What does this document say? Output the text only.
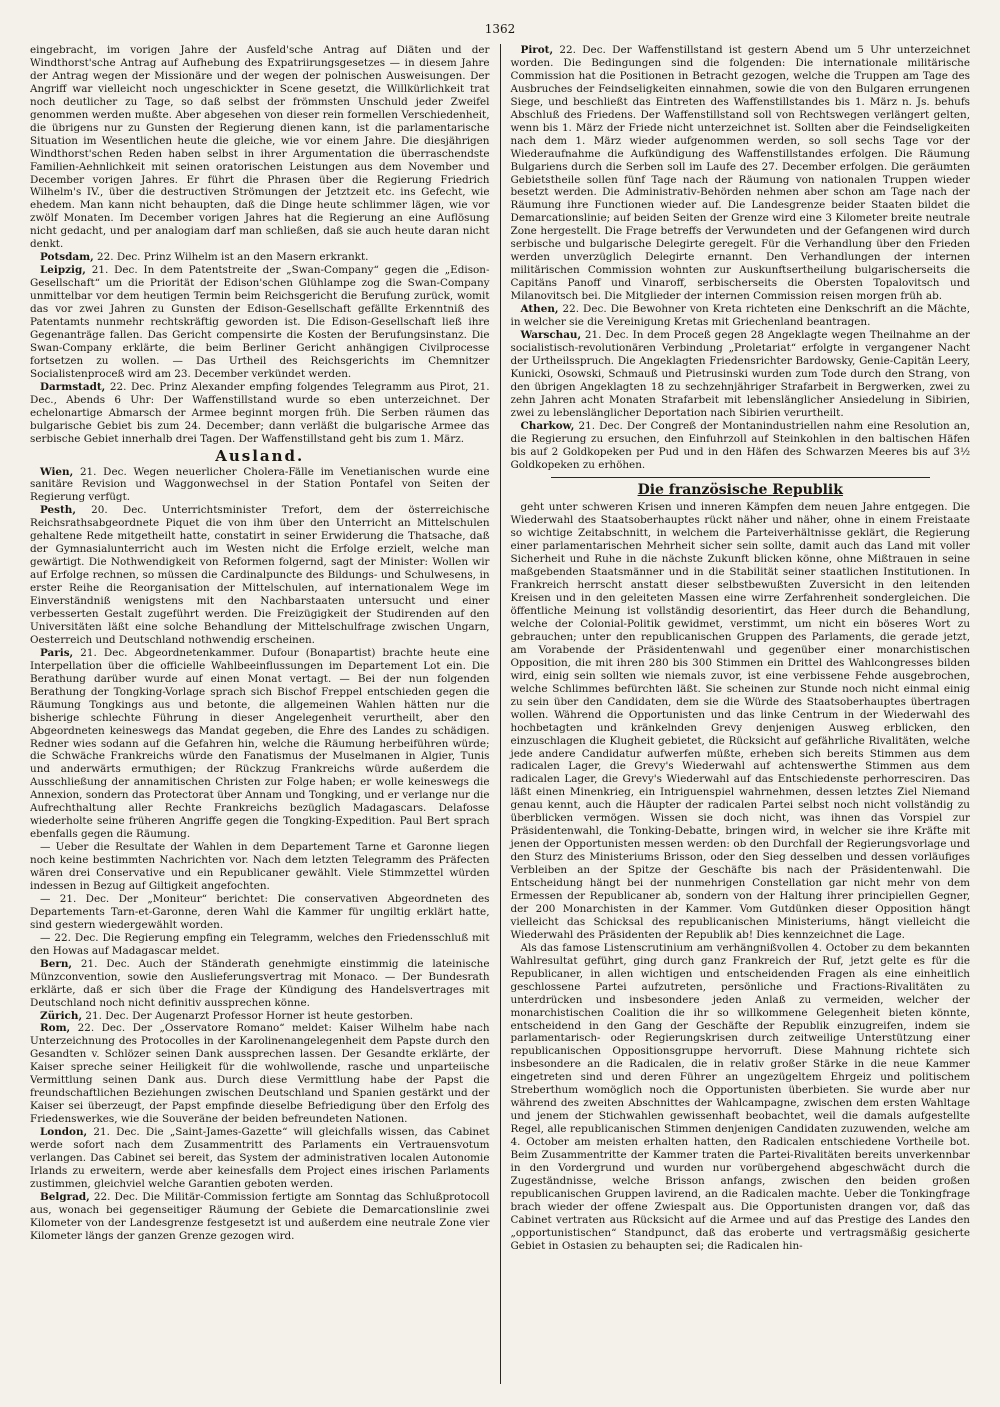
1362

eingebracht, im vorigen Jahre der Ausfeld'sche Antrag auf Diäten und der Windthorst'sche Antrag auf Aufhebung des Expatriirungsgesetzes — in diesem Jahre der Antrag wegen der Missionäre und der wegen der polnischen Ausweisungen. Der Angriff war vielleicht noch ungeschickter in Scene gesetzt, die Willkürlichkeit trat noch deutlicher zu Tage, so daß selbst der frömmsten Unschuld jeder Zweifel genommen werden mußte. Aber abgesehen von dieser rein formellen Verschiedenheit, die übrigens nur zu Gunsten der Regierung dienen kann, ist die parlamentarische Situation im Wesentlichen heute die gleiche, wie vor einem Jahre. Die diesjährigen Windthorst'schen Reden haben selbst in ihrer Argumentation die überraschendste Familien-Aehnlichkeit mit seinen oratorischen Leistungen aus dem November und December vorigen Jahres. Er führt die Phrasen über die Regierung Friedrich Wilhelm's IV., über die destructiven Strömungen der Jetztzeit etc. ins Gefecht, wie ehedem. Man kann nicht behaupten, daß die Dinge heute schlimmer lägen, wie vor zwölf Monaten. Im December vorigen Jahres hat die Regierung an eine Auflösung nicht gedacht, und per analogiam darf man schließen, daß sie auch heute daran nicht denkt.

Potsdam, 22. Dec. Prinz Wilhelm ist an den Masern erkrankt.

Leipzig, 21. Dec. In dem Patentstreite der „Swan-Company“ gegen die „Edison-Gesellschaft“ um die Priorität der Edison'schen Glühlampe zog die Swan-Company unmittelbar vor dem heutigen Termin beim Reichsgericht die Berufung zurück, womit das vor zwei Jahren zu Gunsten der Edison-Gesellschaft gefällte Erkenntniß des Patentamts nunmehr rechtskräftig geworden ist. Die Edison-Gesellschaft ließ ihre Gegenanträge fallen. Das Gericht compensirte die Kosten der Berufungsinstanz. Die Swan-Company erklärte, die beim Berliner Gericht anhängigen Civilprocesse fortsetzen zu wollen. — Das Urtheil des Reichsgerichts im Chemnitzer Socialistenproceß wird am 23. December verkündet werden.

Darmstadt, 22. Dec. Prinz Alexander empfing folgendes Telegramm aus Pirot, 21. Dec., Abends 6 Uhr: Der Waffenstillstand wurde so eben unterzeichnet. Der echelonartige Abmarsch der Armee beginnt morgen früh. Die Serben räumen das bulgarische Gebiet bis zum 24. December; dann verläßt die bulgarische Armee das serbische Gebiet innerhalb drei Tagen. Der Waffenstillstand geht bis zum 1. März.

Ausland.

Wien, 21. Dec. Wegen neuerlicher Cholera-Fälle im Venetianischen wurde eine sanitäre Revision und Waggonwechsel in der Station Pontafel von Seiten der Regierung verfügt.

Pesth, 20. Dec. Unterrichtsminister Trefort, dem der österreichische Reichsrathsabgeordnete Piquet die von ihm über den Unterricht an Mittelschulen gehaltene Rede mitgetheilt hatte, constatirt in seiner Erwiderung die Thatsache, daß der Gymnasialunterricht auch im Westen nicht die Erfolge erzielt, welche man gewärtigt. Die Nothwendigkeit von Reformen folgernd, sagt der Minister: Wollen wir auf Erfolge rechnen, so müssen die Cardinalpuncte des Bildungs- und Schulwesens, in erster Reihe die Reorganisation der Mittelschulen, auf internationalem Wege im Einverständniß wenigstens mit den Nachbarstaaten untersucht und einer verbesserten Gestalt zugeführt werden. Die Freizügigkeit der Studirenden auf den Universitäten läßt eine solche Behandlung der Mittelschulfrage zwischen Ungarn, Oesterreich und Deutschland nothwendig erscheinen.

Paris, 21. Dec. Abgeordnetenkammer. Dufour (Bonapartist) brachte heute eine Interpellation über die officielle Wahlbeeinflussungen im Departement Lot ein. Die Berathung darüber wurde auf einen Monat vertagt. — Bei der nun folgenden Berathung der Tongking-Vorlage sprach sich Bischof Freppel entschieden gegen die Räumung Tongkings aus und betonte, die allgemeinen Wahlen hätten nur die bisherige schlechte Führung in dieser Angelegenheit verurtheilt, aber den Abgeordneten keineswegs das Mandat gegeben, die Ehre des Landes zu schädigen. Redner wies sodann auf die Gefahren hin, welche die Räumung herbeiführen würde; die Schwäche Frankreichs würde den Fanatismus der Muselmanen in Algier, Tunis und anderwärts ermuthigen; der Rückzug Frankreichs würde außerdem die Ausschließung der annamitischen Christen zur Folge haben; er wolle keineswegs die Annexion, sondern das Protectorat über Annam und Tongking, und er verlange nur die Aufrechthaltung aller Rechte Frankreichs bezüglich Madagascars. Delafosse wiederholte seine früheren Angriffe gegen die Tongking-Expedition. Paul Bert sprach ebenfalls gegen die Räumung.

— Ueber die Resultate der Wahlen in dem Departement Tarne et Garonne liegen noch keine bestimmten Nachrichten vor. Nach dem letzten Telegramm des Präfecten wären drei Conservative und ein Republicaner gewählt. Viele Stimmzettel würden indessen in Bezug auf Giltigkeit angefochten.

— 21. Dec. Der „Moniteur“ berichtet: Die conservativen Abgeordneten des Departements Tarn-et-Garonne, deren Wahl die Kammer für ungiltig erklärt hatte, sind gestern wiedergewählt worden.

— 22. Dec. Die Regierung empfing ein Telegramm, welches den Friedensschluß mit den Howas auf Madagascar meldet.

Bern, 21. Dec. Auch der Ständerath genehmigte einstimmig die lateinische Münzconvention, sowie den Auslieferungsvertrag mit Monaco. — Der Bundesrath erklärte, daß er sich über die Frage der Kündigung des Handelsvertrages mit Deutschland noch nicht definitiv aussprechen könne.

Zürich, 21. Dec. Der Augenarzt Professor Horner ist heute gestorben.

Rom, 22. Dec. Der „Osservatore Romano“ meldet: Kaiser Wilhelm habe nach Unterzeichnung des Protocolles in der Karolinenangelegenheit dem Papste durch den Gesandten v. Schlözer seinen Dank aussprechen lassen. Der Gesandte erklärte, der Kaiser spreche seiner Heiligkeit für die wohlwollende, rasche und unparteiische Vermittlung seinen Dank aus. Durch diese Vermittlung habe der Papst die freundschaftlichen Beziehungen zwischen Deutschland und Spanien gestärkt und der Kaiser sei überzeugt, der Papst empfinde dieselbe Befriedigung über den Erfolg des Friedenswerkes, wie die Souveräne der beiden befreundeten Nationen.

London, 21. Dec. Die „Saint-James-Gazette“ will gleichfalls wissen, das Cabinet werde sofort nach dem Zusammentritt des Parlaments ein Vertrauensvotum verlangen. Das Cabinet sei bereit, das System der administrativen localen Autonomie Irlands zu erweitern, werde aber keinesfalls dem Project eines irischen Parlaments zustimmen, gleichviel welche Garantien geboten werden.

Belgrad, 22. Dec. Die Militär-Commission fertigte am Sonntag das Schlußprotocoll aus, wonach bei gegenseitiger Räumung der Gebiete die Demarcationslinie zwei Kilometer von der Landesgrenze festgesetzt ist und außerdem eine neutrale Zone vier Kilometer längs der ganzen Grenze gezogen wird.

Pirot, 22. Dec. Der Waffenstillstand ist gestern Abend um 5 Uhr unterzeichnet worden. Die Bedingungen sind die folgenden: Die internationale militärische Commission hat die Positionen in Betracht gezogen, welche die Truppen am Tage des Ausbruches der Feindseligkeiten einnahmen, sowie die von den Bulgaren errungenen Siege, und beschließt das Eintreten des Waffenstillstandes bis 1. März n. Js. behufs Abschluß des Friedens. Der Waffenstillstand soll von Rechtswegen verlängert gelten, wenn bis 1. März der Friede nicht unterzeichnet ist. Sollten aber die Feindseligkeiten nach dem 1. März wieder aufgenommen werden, so soll sechs Tage vor der Wiederaufnahme die Aufkündigung des Waffenstillstandes erfolgen. Die Räumung Bulgariens durch die Serben soll im Laufe des 27. December erfolgen. Die geräumten Gebietstheile sollen fünf Tage nach der Räumung von nationalen Truppen wieder besetzt werden. Die Administrativ-Behörden nehmen aber schon am Tage nach der Räumung ihre Functionen wieder auf. Die Landesgrenze beider Staaten bildet die Demarcationslinie; auf beiden Seiten der Grenze wird eine 3 Kilometer breite neutrale Zone hergestellt. Die Frage betreffs der Verwundeten und der Gefangenen wird durch serbische und bulgarische Delegirte geregelt. Für die Verhandlung über den Frieden werden unverzüglich Delegirte ernannt. Den Verhandlungen der internen militärischen Commission wohnten zur Auskunftsertheilung bulgarischerseits die Capitäns Panoff und Vinaroff, serbischerseits die Obersten Topalovitsch und Milanovitsch bei. Die Mitglieder der internen Commission reisen morgen früh ab.

Athen, 22. Dec. Die Bewohner von Kreta richteten eine Denkschrift an die Mächte, in welcher sie die Vereinigung Kretas mit Griechenland beantragen.

Warschau, 21. Dec. In dem Proceß gegen 28 Angeklagte wegen Theilnahme an der socialistisch-revolutionären Verbindung „Proletariat“ erfolgte in vergangener Nacht der Urtheilsspruch. Die Angeklagten Friedensrichter Bardowsky, Genie-Capitän Leery, Kunicki, Osowski, Schmauß und Pietrusinski wurden zum Tode durch den Strang, von den übrigen Angeklagten 18 zu sechzehnjähriger Strafarbeit in Bergwerken, zwei zu zehn Jahren acht Monaten Strafarbeit mit lebenslänglicher Ansiedelung in Sibirien, zwei zu lebenslänglicher Deportation nach Sibirien verurtheilt.

Charkow, 21. Dec. Der Congreß der Montanindustriellen nahm eine Resolution an, die Regierung zu ersuchen, den Einfuhrzoll auf Steinkohlen in den baltischen Häfen bis auf 2 Goldkopeken per Pud und in den Häfen des Schwarzen Meeres bis auf 3½ Goldkopeken zu erhöhen.

Die französische Republik

geht unter schweren Krisen und inneren Kämpfen dem neuen Jahre entgegen. Die Wiederwahl des Staatsoberhauptes rückt näher und näher, ohne in einem Freistaate so wichtige Zeitabschnitt, in welchem die Parteiverhältnisse geklärt, die Regierung einer parlamentarischen Mehrheit sicher sein sollte, damit auch das Land mit voller Sicherheit und Ruhe in die nächste Zukunft blicken könne, ohne Mißtrauen in seine maßgebenden Staatsmänner und in die Stabilität seiner staatlichen Institutionen. In Frankreich herrscht anstatt dieser selbstbewußten Zuversicht in den leitenden Kreisen und in den geleiteten Massen eine wirre Zerfahrenheit sondergleichen. Die öffentliche Meinung ist vollständig desorientirt, das Heer durch die Behandlung, welche der Colonial-Politik gewidmet, verstimmt, um nicht ein böseres Wort zu gebrauchen; unter den republicanischen Gruppen des Parlaments, die gerade jetzt, am Vorabende der Präsidentenwahl und gegenüber einer monarchistischen Opposition, die mit ihren 280 bis 300 Stimmen ein Drittel des Wahlcongresses bilden wird, einig sein sollten wie niemals zuvor, ist eine verbissene Fehde ausgebrochen, welche Schlimmes befürchten läßt. Sie scheinen zur Stunde noch nicht einmal einig zu sein über den Candidaten, dem sie die Würde des Staatsoberhauptes übertragen wollen. Während die Opportunisten und das linke Centrum in der Wiederwahl des hochbetagten und kränkelnden Grevy denjenigen Ausweg erblicken, den einzuschlagen die Klugheit gebietet, die Rücksicht auf gefährliche Rivalitäten, welche jede andere Candidatur aufwerfen müßte, erheben sich bereits Stimmen aus dem radicalen Lager, die Grevy's Wiederwahl auf achtenswerthe Stimmen aus dem radicalen Lager, die Grevy's Wiederwahl auf das Entschiedenste perhorresciren. Das läßt einen Minenkrieg, ein Intriguenspiel wahrnehmen, dessen letztes Ziel Niemand genau kennt, auch die Häupter der radicalen Partei selbst noch nicht vollständig zu überblicken vermögen. Wissen sie doch nicht, was ihnen das Vorspiel zur Präsidentenwahl, die Tonking-Debatte, bringen wird, in welcher sie ihre Kräfte mit jenen der Opportunisten messen werden: ob den Durchfall der Regierungsvorlage und den Sturz des Ministeriums Brisson, oder den Sieg desselben und dessen vorläufiges Verbleiben an der Spitze der Geschäfte bis nach der Präsidentenwahl. Die Entscheidung hängt bei der nunmehrigen Constellation gar nicht mehr von dem Ermessen der Republicaner ab, sondern von der Haltung ihrer principiellen Gegner, der 200 Monarchisten in der Kammer. Vom Gutdünken dieser Opposition hängt vielleicht das Schicksal des republicanischen Ministeriums, hängt vielleicht die Wiederwahl des Präsidenten der Republik ab! Dies kennzeichnet die Lage.

Als das famose Listenscrutinium am verhängnißvollen 4. October zu dem bekannten Wahlresultat geführt, ging durch ganz Frankreich der Ruf, jetzt gelte es für die Republicaner, in allen wichtigen und entscheidenden Fragen als eine einheitlich geschlossene Partei aufzutreten, persönliche und Fractions-Rivalitäten zu unterdrücken und insbesondere jeden Anlaß zu vermeiden, welcher der monarchistischen Coalition die ihr so willkommene Gelegenheit bieten könnte, entscheidend in den Gang der Geschäfte der Republik einzugreifen, indem sie parlamentarisch- oder Regierungskrisen durch zeitweilige Unterstützung einer republicanischen Oppositionsgruppe hervorruft. Diese Mahnung richtete sich insbesondere an die Radicalen, die in relativ großer Stärke in die neue Kammer eingetreten sind und deren Führer an ungezügeltem Ehrgeiz und politischem Streberthum womöglich noch die Opportunisten überbieten. Sie wurde aber nur während des zweiten Abschnittes der Wahlcampagne, zwischen dem ersten Wahltage und jenem der Stichwahlen gewissenhaft beobachtet, weil die damals aufgestellte Regel, alle republicanischen Stimmen denjenigen Candidaten zuzuwenden, welche am 4. October am meisten erhalten hatten, den Radicalen entschiedene Vortheile bot. Beim Zusammentritte der Kammer traten die Partei-Rivalitäten bereits unverkennbar in den Vordergrund und wurden nur vorübergehend abgeschwächt durch die Zugeständnisse, welche Brisson anfangs, zwischen den beiden großen republicanischen Gruppen lavirend, an die Radicalen machte. Ueber die Tonkingfrage brach wieder der offene Zwiespalt aus. Die Opportunisten drangen vor, daß das Cabinet vertraten aus Rücksicht auf die Armee und auf das Prestige des Landes den „opportunistischen“ Standpunct, daß das eroberte und vertragsmäßig gesicherte Gebiet in Ostasien zu behaupten sei; die Radicalen hin-
